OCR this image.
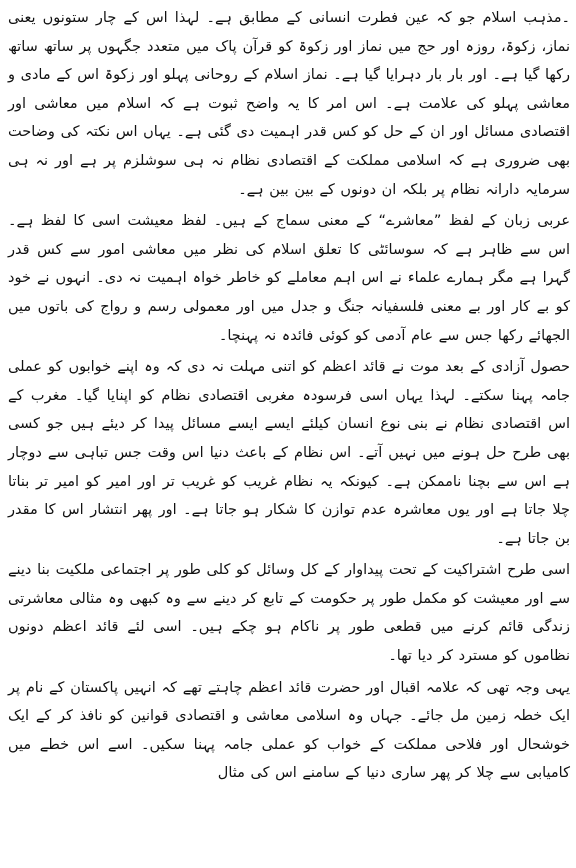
۔مذہب اسلام جو کہ عین فطرت انسانی کے مطابق ہے۔ لہذا اس کے چار ستونوں یعنی نماز، زکوۃ، روزہ اور حج میں نماز اور زکوۃ کو قرآن پاک میں متعدد جگہوں پر ساتھ ساتھ رکھا گیا ہے۔ اور بار بار دہرایا گیا ہے۔ نماز اسلام کے روحانی پہلو اور زکوۃ اس کے مادی و معاشی پہلو کی علامت ہے۔ اس امر کا یہ واضح ثبوت ہے کہ اسلام میں معاشی اور اقتصادی مسائل اور ان کے حل کو کس قدر اہمیت دی گئی ہے۔ یہاں اس نکتہ کی وضاحت بھی ضروری ہے کہ اسلامی مملکت کے اقتصادی نظام نہ ہی سوشلزم پر ہے اور نہ ہی سرمایہ دارانہ نظام پر بلکہ ان دونوں کے بین بین ہے۔

عربی زبان کے لفظ ”معاشرے“ کے معنی سماج کے ہیں۔ لفظ معیشت اسی کا لفظ ہے۔ اس سے ظاہر ہے کہ سوسائٹی کا تعلق اسلام کی نظر میں معاشی امور سے کس قدر گہرا ہے مگر ہمارے علماء نے اس اہم معاملے کو خاطر خواہ اہمیت نہ دی۔ انہوں نے خود کو بے کار اور بے معنی فلسفیانہ جنگ و جدل میں اور معمولی رسم و رواج کی باتوں میں الجھائے رکھا جس سے عام آدمی کو کوئی فائدہ نہ پہنچا۔

حصول آزادی کے بعد موت نے قائد اعظم کو اتنی مہلت نہ دی کہ وہ اپنے خوابوں کو عملی جامہ پہنا سکتے۔ لہذا یہاں اسی فرسودہ مغربی اقتصادی نظام کو اپنایا گیا۔ مغرب کے اس اقتصادی نظام نے بنی نوع انسان کیلئے ایسے ایسے مسائل پیدا کر دیئے ہیں جو کسی بھی طرح حل ہونے میں نہیں آتے۔ اس نظام کے باعث دنیا اس وقت جس تباہی سے دوچار ہے اس سے بچنا ناممکن ہے۔ کیونکہ یہ نظام غریب کو غریب تر اور امیر کو امیر تر بناتا چلا جاتا ہے اور یوں معاشرہ عدم توازن کا شکار ہو جاتا ہے۔ اور پھر انتشار اس کا مقدر بن جاتا ہے۔

اسی طرح اشتراکیت کے تحت پیداوار کے کل وسائل کو کلی طور پر اجتماعی ملکیت بنا دینے سے اور معیشت کو مکمل طور پر حکومت کے تابع کر دینے سے وہ کبھی وہ مثالی معاشرتی زندگی قائم کرنے میں قطعی طور پر ناکام ہو چکے ہیں۔ اسی لئے قائد اعظم دونوں نظاموں کو مسترد کر دیا تھا۔

یہی وجہ تھی کہ علامہ اقبال اور حضرت قائد اعظم چاہتے تھے کہ انہیں پاکستان کے نام پر ایک خطہ زمین مل جائے۔ جہاں وہ اسلامی معاشی و اقتصادی قوانین کو نافذ کر کے ایک خوشحال اور فلاحی مملکت کے خواب کو عملی جامہ پہنا سکیں۔ اسے اس خطے میں کامیابی سے چلا کر پھر ساری دنیا کے سامنے اس کی مثال
